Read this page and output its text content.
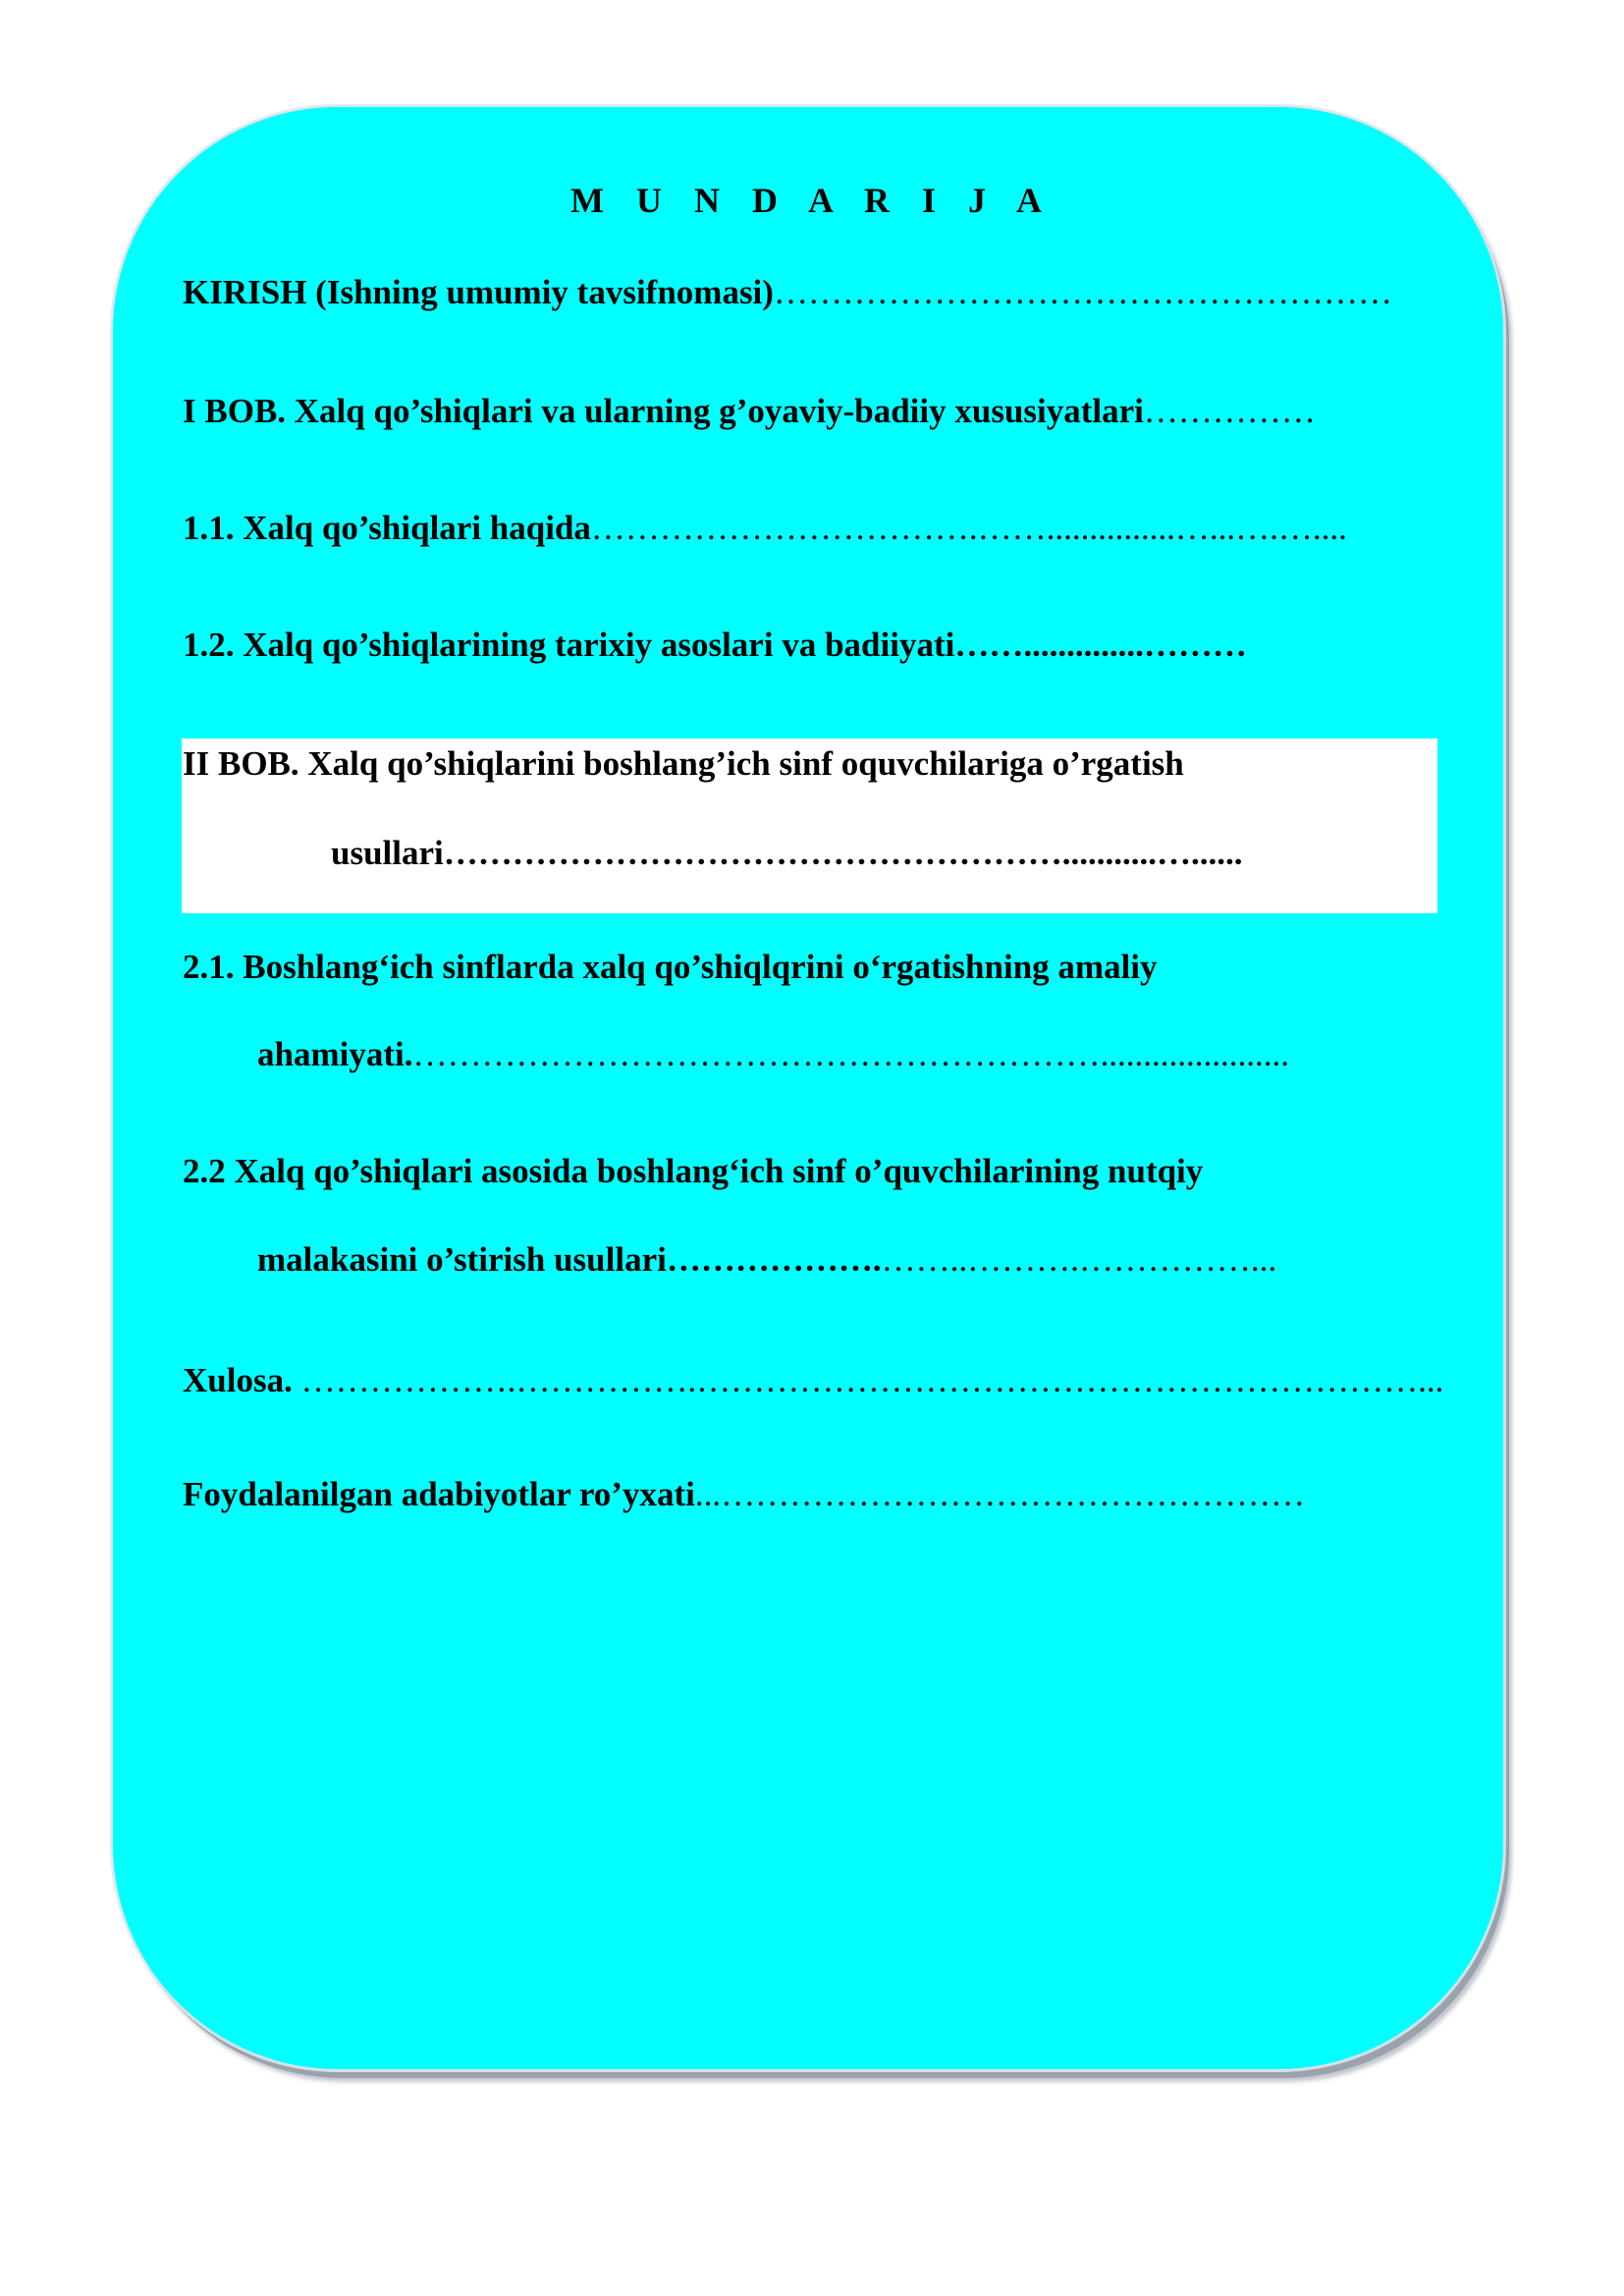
M U N D A R I J A
KIRISH (Ishning umumiy tavsifnomasi)………………………………………………
I BOB. Xalq qo’shiqlari va ularning g’oyaviy-badiiy xususiyatlari……………
1.1. Xalq qo’shiqlari haqida…………………………….……...............…...….…....
1.2. Xalq qo’shiqlarining tarixiy asoslari va badiiyati……..............………
II BOB. Xalq qo’shiqlarini boshlang’ich sinf oquvchilariga o’rgatish
usullari………………………………………………...........…......
2.1. Boshlang‘ich sinflarda xalq qo’shiqlqrini o‘rgatishning amaliy
ahamiyati.……………………………………………………......................
2.2 Xalq qo’shiqlari asosida boshlang‘ich sinf o’quvchilarining nutqiy
malakasini o’stirish usullari……………….……..……….……………...
Xulosa. ……………….…………….………………………………………………………...
Foydalanilgan adabiyotlar ro’yxati...……………………………………………
